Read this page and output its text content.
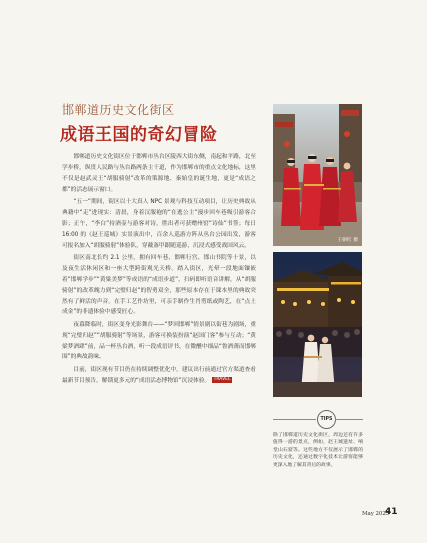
邯郸道历史文化街区
成语王国的奇幻冒险

邯郸道历史文化街区位于邯郸市丛台区陵西大街东侧，南起和平路，北至学步桥，纵贯人民路与丛台路两条主干道，作为邯郸市的重点文化地标，这里不仅是赵武灵王“胡服骑射”改革的策源地、秦始皇的诞生地，更是“成语之都”的活态展示窗口。

“五一”期间，街区以十大真人 NPC 景观与科技互动项目，让历史典故从典籍中“走”进现实：清晨，身着汉服袍的“在逃公主”漫步回车巷吸引游客合影；正午，“李白”持酒壶与游客对诗，胜出者可获赠州窑“诗仙”书签；每日16:00 的《赵王巡城》实景演出中，百余人巡游方阵从丛台公园出发，游客可报名加入“胡服骑射”体验队，穿戴盔甲跟随巡游，沉浸式感受战国风云。

街区南北长约 2.1 公里，拥有回车巷、邯郸行宫、邯山书院等十景，以及夜生活休闲区和一座大型跨街观光天桥。踏入街区，光晕一段地面镶嵌着“邯郸学步”“黄粱美梦”等成语的“成语步道”，扫码即听语音讲解，从“胡服骑射”的改革魄力到“完璧归赵”的智勇双全，那些原本存在于课本里的典故突然有了鲜活的声音。在手工艺作坊里，可亲手制作生肖剪纸或陶艺，在“点土成金”的非遗体验中感受匠心。

夜幕降临时，街区变身光影舞台——“梦回邯郸”情景剧以街巷为剧场，重现“完璧归赵”“胡服骑射”等场景，游客可换装扮演“赵国门客”参与互动；“黄粱梦酒肆”前，品一杯丛台酒，听一段成语评书，在微醺中细品“鲁酒薄而邯郸围”的典故韵味。

目前，街区现有节目仍在持续调整优化中，建议出行前通过官方渠道查看最新节目预告，解锁更多元的“成语活态博物馆”沉浸体验。 TRAVEL

王朝红 摄
TIPS
除了邯郸道历史文化街区，周边还有许多值得一游的景点，例如，赵王城遗址、响堂山石窟等。这些地方不仅展示了邯郸的历史文化，还通过数字化技术让游客能够更深入地了解其背后的故事。
May 2025
41
